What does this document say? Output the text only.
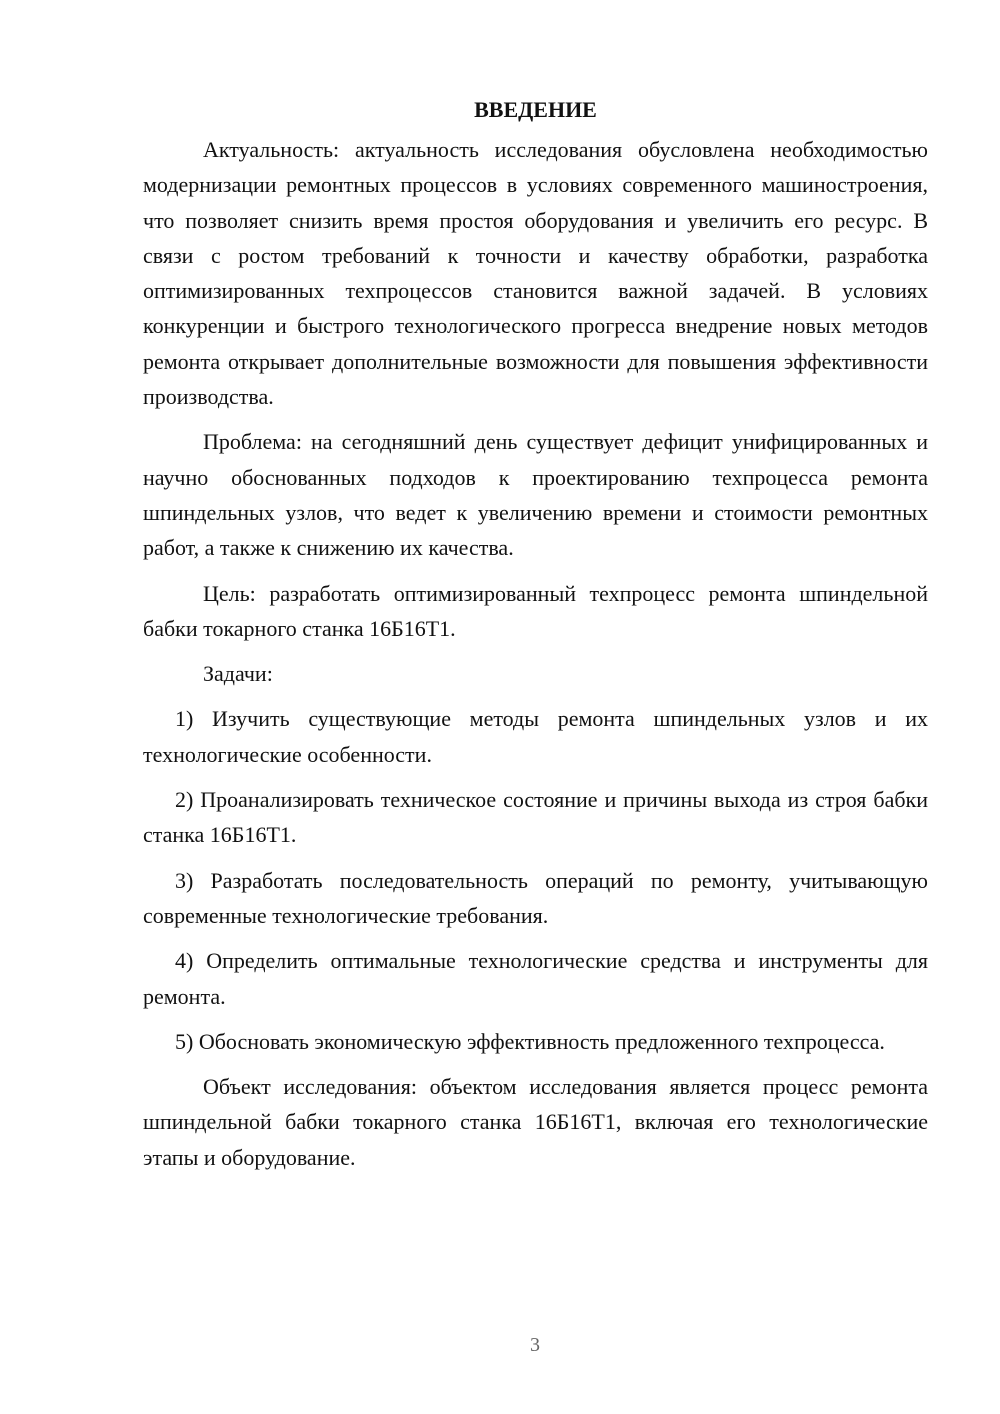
ВВЕДЕНИЕ

Актуальность: актуальность исследования обусловлена необходимостью модернизации ремонтных процессов в условиях современного машиностроения, что позволяет снизить время простоя оборудования и увеличить его ресурс. В связи с ростом требований к точности и качеству обработки, разработка оптимизированных техпроцессов становится важной задачей. В условиях конкуренции и быстрого технологического прогресса внедрение новых методов ремонта открывает дополнительные возможности для повышения эффективности производства.

Проблема: на сегодняшний день существует дефицит унифицированных и научно обоснованных подходов к проектированию техпроцесса ремонта шпиндельных узлов, что ведет к увеличению времени и стоимости ремонтных работ, а также к снижению их качества.

Цель: разработать оптимизированный техпроцесс ремонта шпиндельной бабки токарного станка 16Б16Т1.

Задачи:

1) Изучить существующие методы ремонта шпиндельных узлов и их технологические особенности.

2) Проанализировать техническое состояние и причины выхода из строя бабки станка 16Б16Т1.

3) Разработать последовательность операций по ремонту, учитывающую современные технологические требования.

4) Определить оптимальные технологические средства и инструменты для ремонта.

5) Обосновать экономическую эффективность предложенного техпроцесса.

Объект исследования: объектом исследования является процесс ремонта шпиндельной бабки токарного станка 16Б16Т1, включая его технологические этапы и оборудование.

3
